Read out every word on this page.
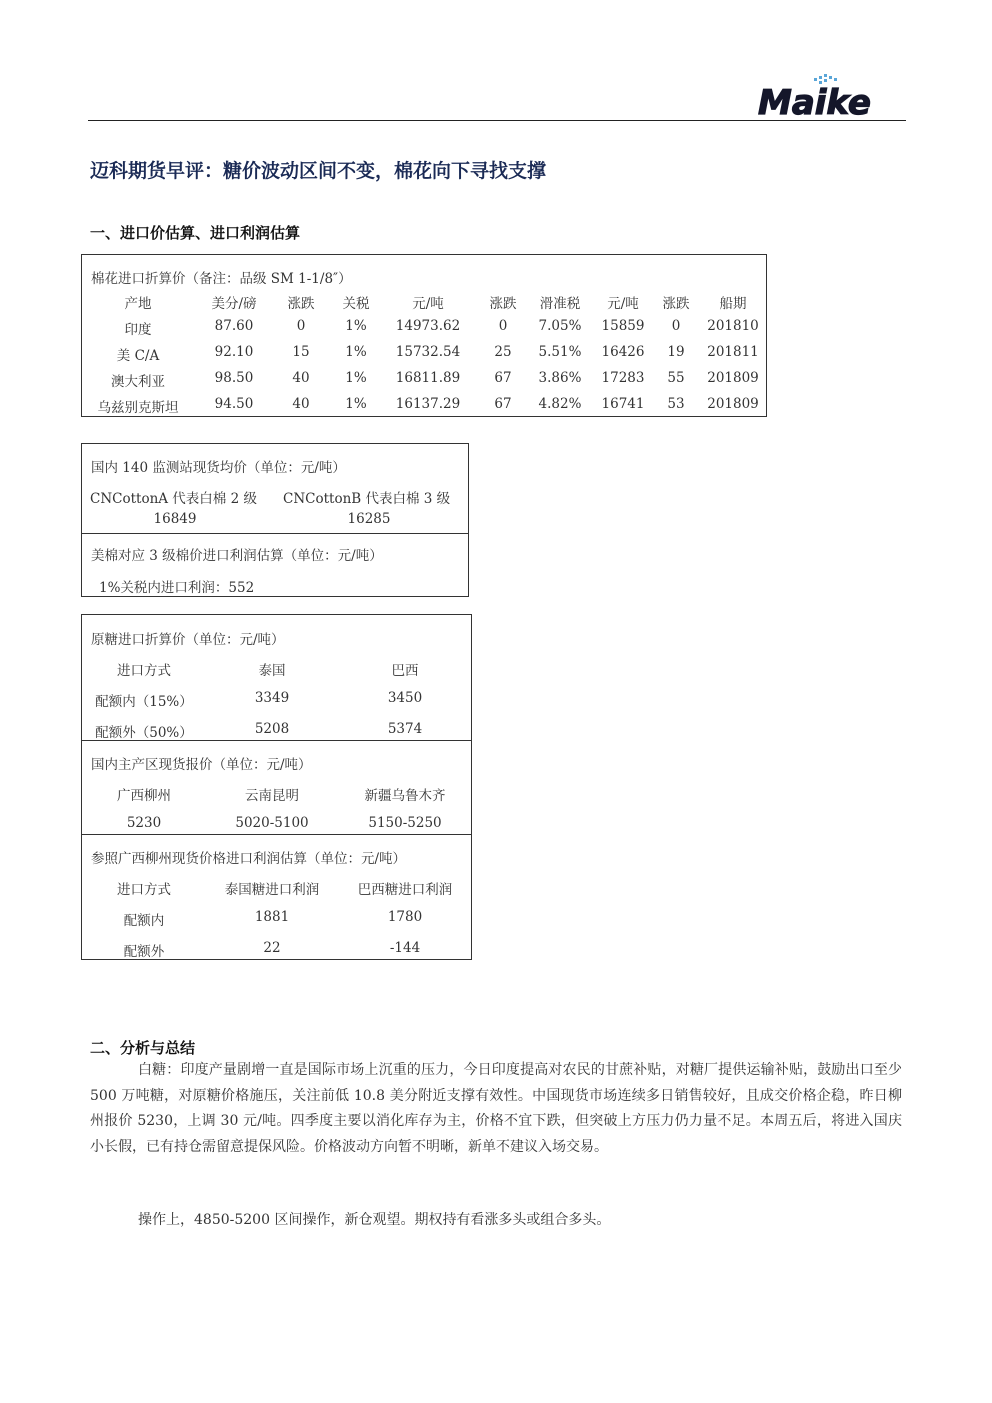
Maike
迈科期货早评：糖价波动区间不变，棉花向下寻找支撑
一、进口价估算、进口利润估算
棉花进口折算价（备注：品级 SM 1-1/8″）
产地	美分/磅 涨跌 关税	元/吨	涨跌 滑准税 元/吨 涨跌 船期
印度	87.60	0	1% 14973.62	0 7.05% 15859 0 201810
美 C/A	92.10	15	1% 15732.54	25 5.51% 16426 19 201811
澳大利亚	98.50	40	1% 16811.89	67 3.86% 17283 55 201809
乌兹别克斯坦	94.50	40	1% 16137.29	67 4.82% 16741 53 201809
国内 140 监测站现货均价（单位：元/吨）
CNCottonA 代表白棉 2 级 CNCottonB 代表白棉 3 级
16849	16285
美棉对应 3 级棉价进口利润估算（单位：元/吨）
1%关税内进口利润：552
原糖进口折算价（单位：元/吨）
进口方式	泰国	巴西
配额内（15%）	3349	3450
配额外（50%）	5208	5374
国内主产区现货报价（单位：元/吨）
广西柳州	云南昆明	新疆乌鲁木齐
5230	5020-5100	5150-5250
参照广西柳州现货价格进口利润估算（单位：元/吨）
进口方式	泰国糖进口利润	巴西糖进口利润
配额内	1881	1780
配额外	22	-144
二、分析与总结

白糖：印度产量剧增一直是国际市场上沉重的压力，今日印度提高对农民的甘蔗补贴，对糖厂提供运输补贴，鼓励出口至少 500 万吨糖，对原糖价格施压，关注前低 10.8 美分附近支撑有效性。中国现货市场连续多日销售较好，且成交价格企稳，昨日柳州报价 5230，上调 30 元/吨。四季度主要以消化库存为主，价格不宜下跌，但突破上方压力仍力量不足。本周五后，将进入国庆小长假，已有持仓需留意提保风险。价格波动方向暂不明晰，新单不建议入场交易。

操作上，4850-5200 区间操作，新仓观望。期权持有看涨多头或组合多头。
